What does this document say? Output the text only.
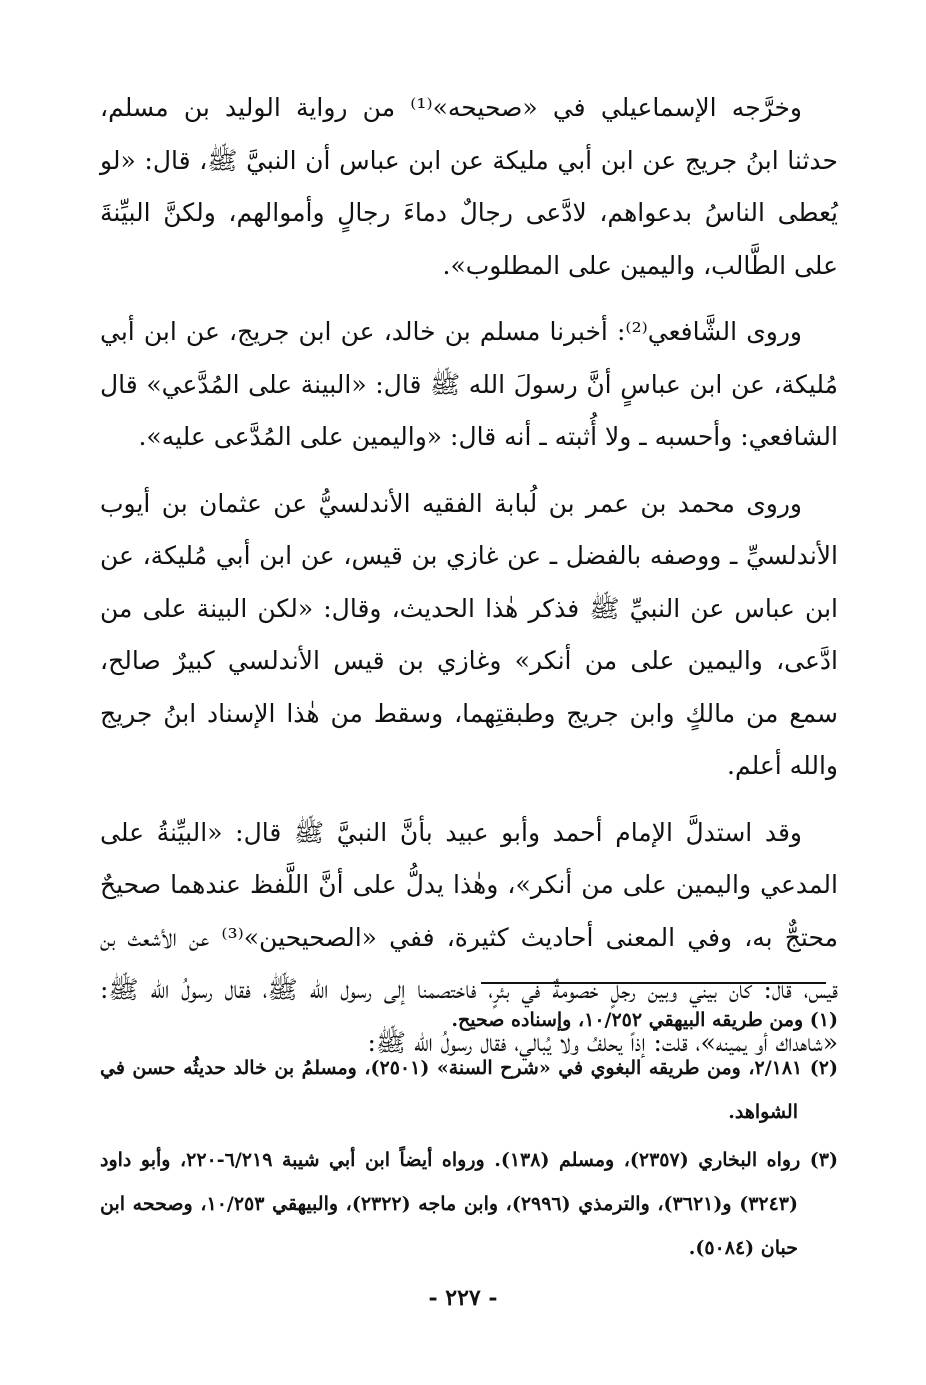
وخرَّجه الإسماعيلي في «صحيحه»⁽¹⁾ من رواية الوليد بن مسلم، حدثنا ابنُ جريج عن ابن أبي مليكة عن ابن عباس أن النبيَّ ﷺ، قال: «لو يُعطى الناسُ بدعواهم، لادَّعى رجالٌ دماءَ رجالٍ وأموالهم، ولكنَّ البيِّنةَ على الطَّالب، واليمين على المطلوب».

وروى الشَّافعي⁽²⁾: أخبرنا مسلم بن خالد، عن ابن جريج، عن ابن أبي مُليكة، عن ابن عباسٍ أنَّ رسولَ الله ﷺ قال: «البينة على المُدَّعي» قال الشافعي: وأحسبه ـ ولا أُثبته ـ أنه قال: «واليمين على المُدَّعى عليه».

وروى محمد بن عمر بن لُبابة الفقيه الأندلسيُّ عن عثمان بن أيوب الأندلسيِّ ـ ووصفه بالفضل ـ عن غازي بن قيس، عن ابن أبي مُليكة، عن ابن عباس عن النبيِّ ﷺ فذكر هٰذا الحديث، وقال: «لكن البينة على من ادَّعى، واليمين على من أنكر» وغازي بن قيس الأندلسي كبيرٌ صالح، سمع من مالكٍ وابن جريج وطبقتِهما، وسقط من هٰذا الإسناد ابنُ جريج والله أعلم.

وقد استدلَّ الإمام أحمد وأبو عبيد بأنَّ النبيَّ ﷺ قال: «البيِّنةُ على المدعي واليمين على من أنكر»، وهٰذا يدلُّ على أنَّ اللَّفظ عندهما صحيحٌ محتجٌّ به، وفي المعنى أحاديث كثيرة، ففي «الصحيحين»⁽³⁾ عن الأشعث بن قيس، قال: كان بيني وبين رجلٍ خصومةٌ في بئرٍ، فاختصمنا إلى رسول الله ﷺ، فقال رسولُ الله ﷺ: «شاهداك أو يمينه»، قلت: إذاً يحلفُ ولا يُبالي، فقال رسولُ الله ﷺ:

(١) ومن طريقه البيهقي ١٠/٢٥٢، وإسناده صحيح.

(٢) ٢/١٨١، ومن طريقه البغوي في «شرح السنة» (٢٥٠١)، ومسلمُ بن خالد حديثُه حسن في الشواهد.

(٣) رواه البخاري (٢٣٥٧)، ومسلم (١٣٨). ورواه أيضاً ابن أبي شيبة ٦/٢١٩-٢٢٠، وأبو داود (٣٢٤٣) و(٣٦٢١)، والترمذي (٢٩٩٦)، وابن ماجه (٢٣٢٢)، والبيهقي ١٠/٢٥٣، وصححه ابن حبان (٥٠٨٤).

- ٢٢٧ -
